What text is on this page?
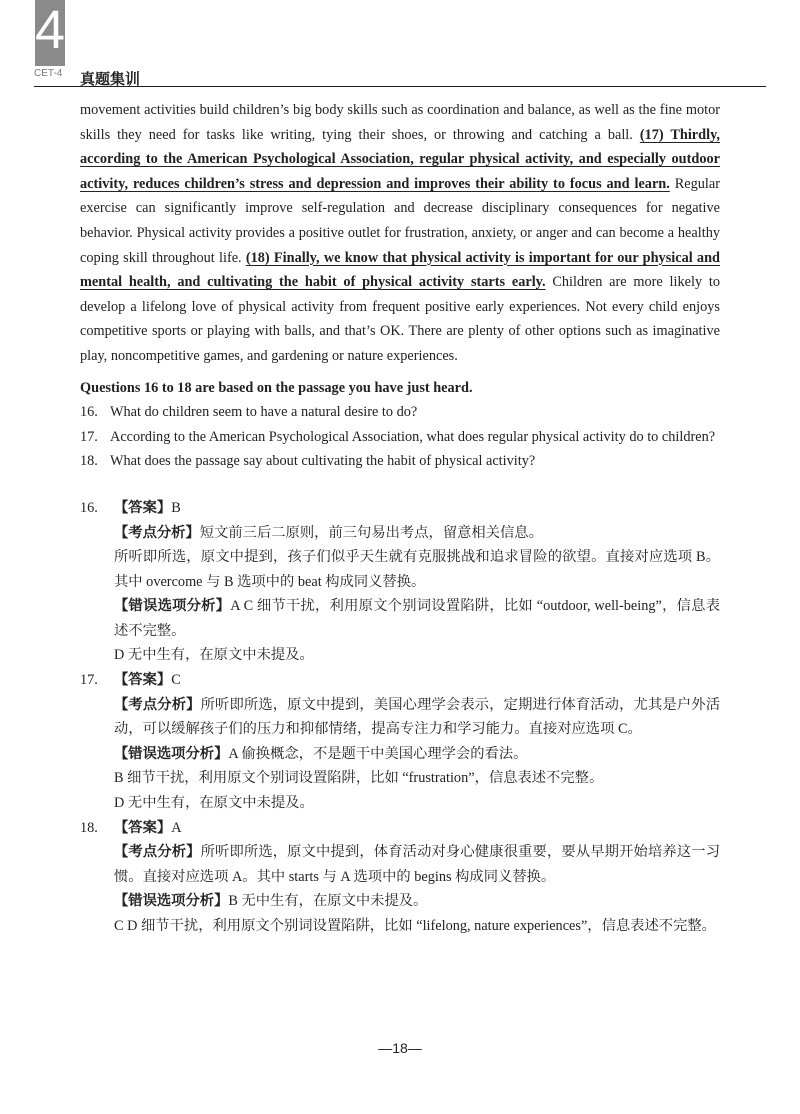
4
CET-4 真题集训

movement activities build children’s big body skills such as coordination and balance, as well as the fine motor skills they need for tasks like writing, tying their shoes, or throwing and catching a ball. (17) Thirdly, according to the American Psychological Association, regular physical activity, and especially outdoor activity, reduces children’s stress and depression and improves their ability to focus and learn. Regular exercise can significantly improve self-regulation and decrease disciplinary consequences for negative behavior. Physical activity provides a positive outlet for frustration, anxiety, or anger and can become a healthy coping skill throughout life. (18) Finally, we know that physical activity is important for our physical and mental health, and cultivating the habit of physical activity starts early. Children are more likely to develop a lifelong love of physical activity from frequent positive early experiences. Not every child enjoys competitive sports or playing with balls, and that’s OK. There are plenty of other options such as imaginative play, noncompetitive games, and gardening or nature experiences.

Questions 16 to 18 are based on the passage you have just heard.
16. What do children seem to have a natural desire to do?
17. According to the American Psychological Association, what does regular physical activity do to children?
18. What does the passage say about cultivating the habit of physical activity?
16.	【答案】 B
【考点分析】短文前三后二原则，前三句易出考点，留意相关信息。
所听即所选，原文中提到，孩子们似乎天生就有克服挑战和追求冒险的欲望。直接对应选项 B。其中 overcome 与 B 选项中的 beat 构成同义替换。
【错误选项分析】A C 细节干扰，利用原文个别词设置陷阱，比如 “outdoor, well-being”，信息表述不完整。
D 无中生有，在原文中未提及。
17.	【答案】 C
【考点分析】所听即所选，原文中提到，美国心理学会表示，定期进行体育活动，尤其是户外活动，可以缓解孩子们的压力和抑郁情绪，提高专注力和学习能力。直接对应选项 C。
【错误选项分析】A 偷换概念，不是题干中美国心理学会的看法。
B 细节干扰，利用原文个别词设置陷阱，比如 “frustration”，信息表述不完整。
D 无中生有，在原文中未提及。
18.	【答案】 A
【考点分析】所听即所选，原文中提到，体育活动对身心健康很重要，要从早期开始培养这一习惯。直接对应选项 A。其中 starts 与 A 选项中的 begins 构成同义替换。
【错误选项分析】B 无中生有，在原文中未提及。
C D 细节干扰，利用原文个别词设置陷阱，比如 “lifelong, nature experiences”，信息表述不完整。
—18—
